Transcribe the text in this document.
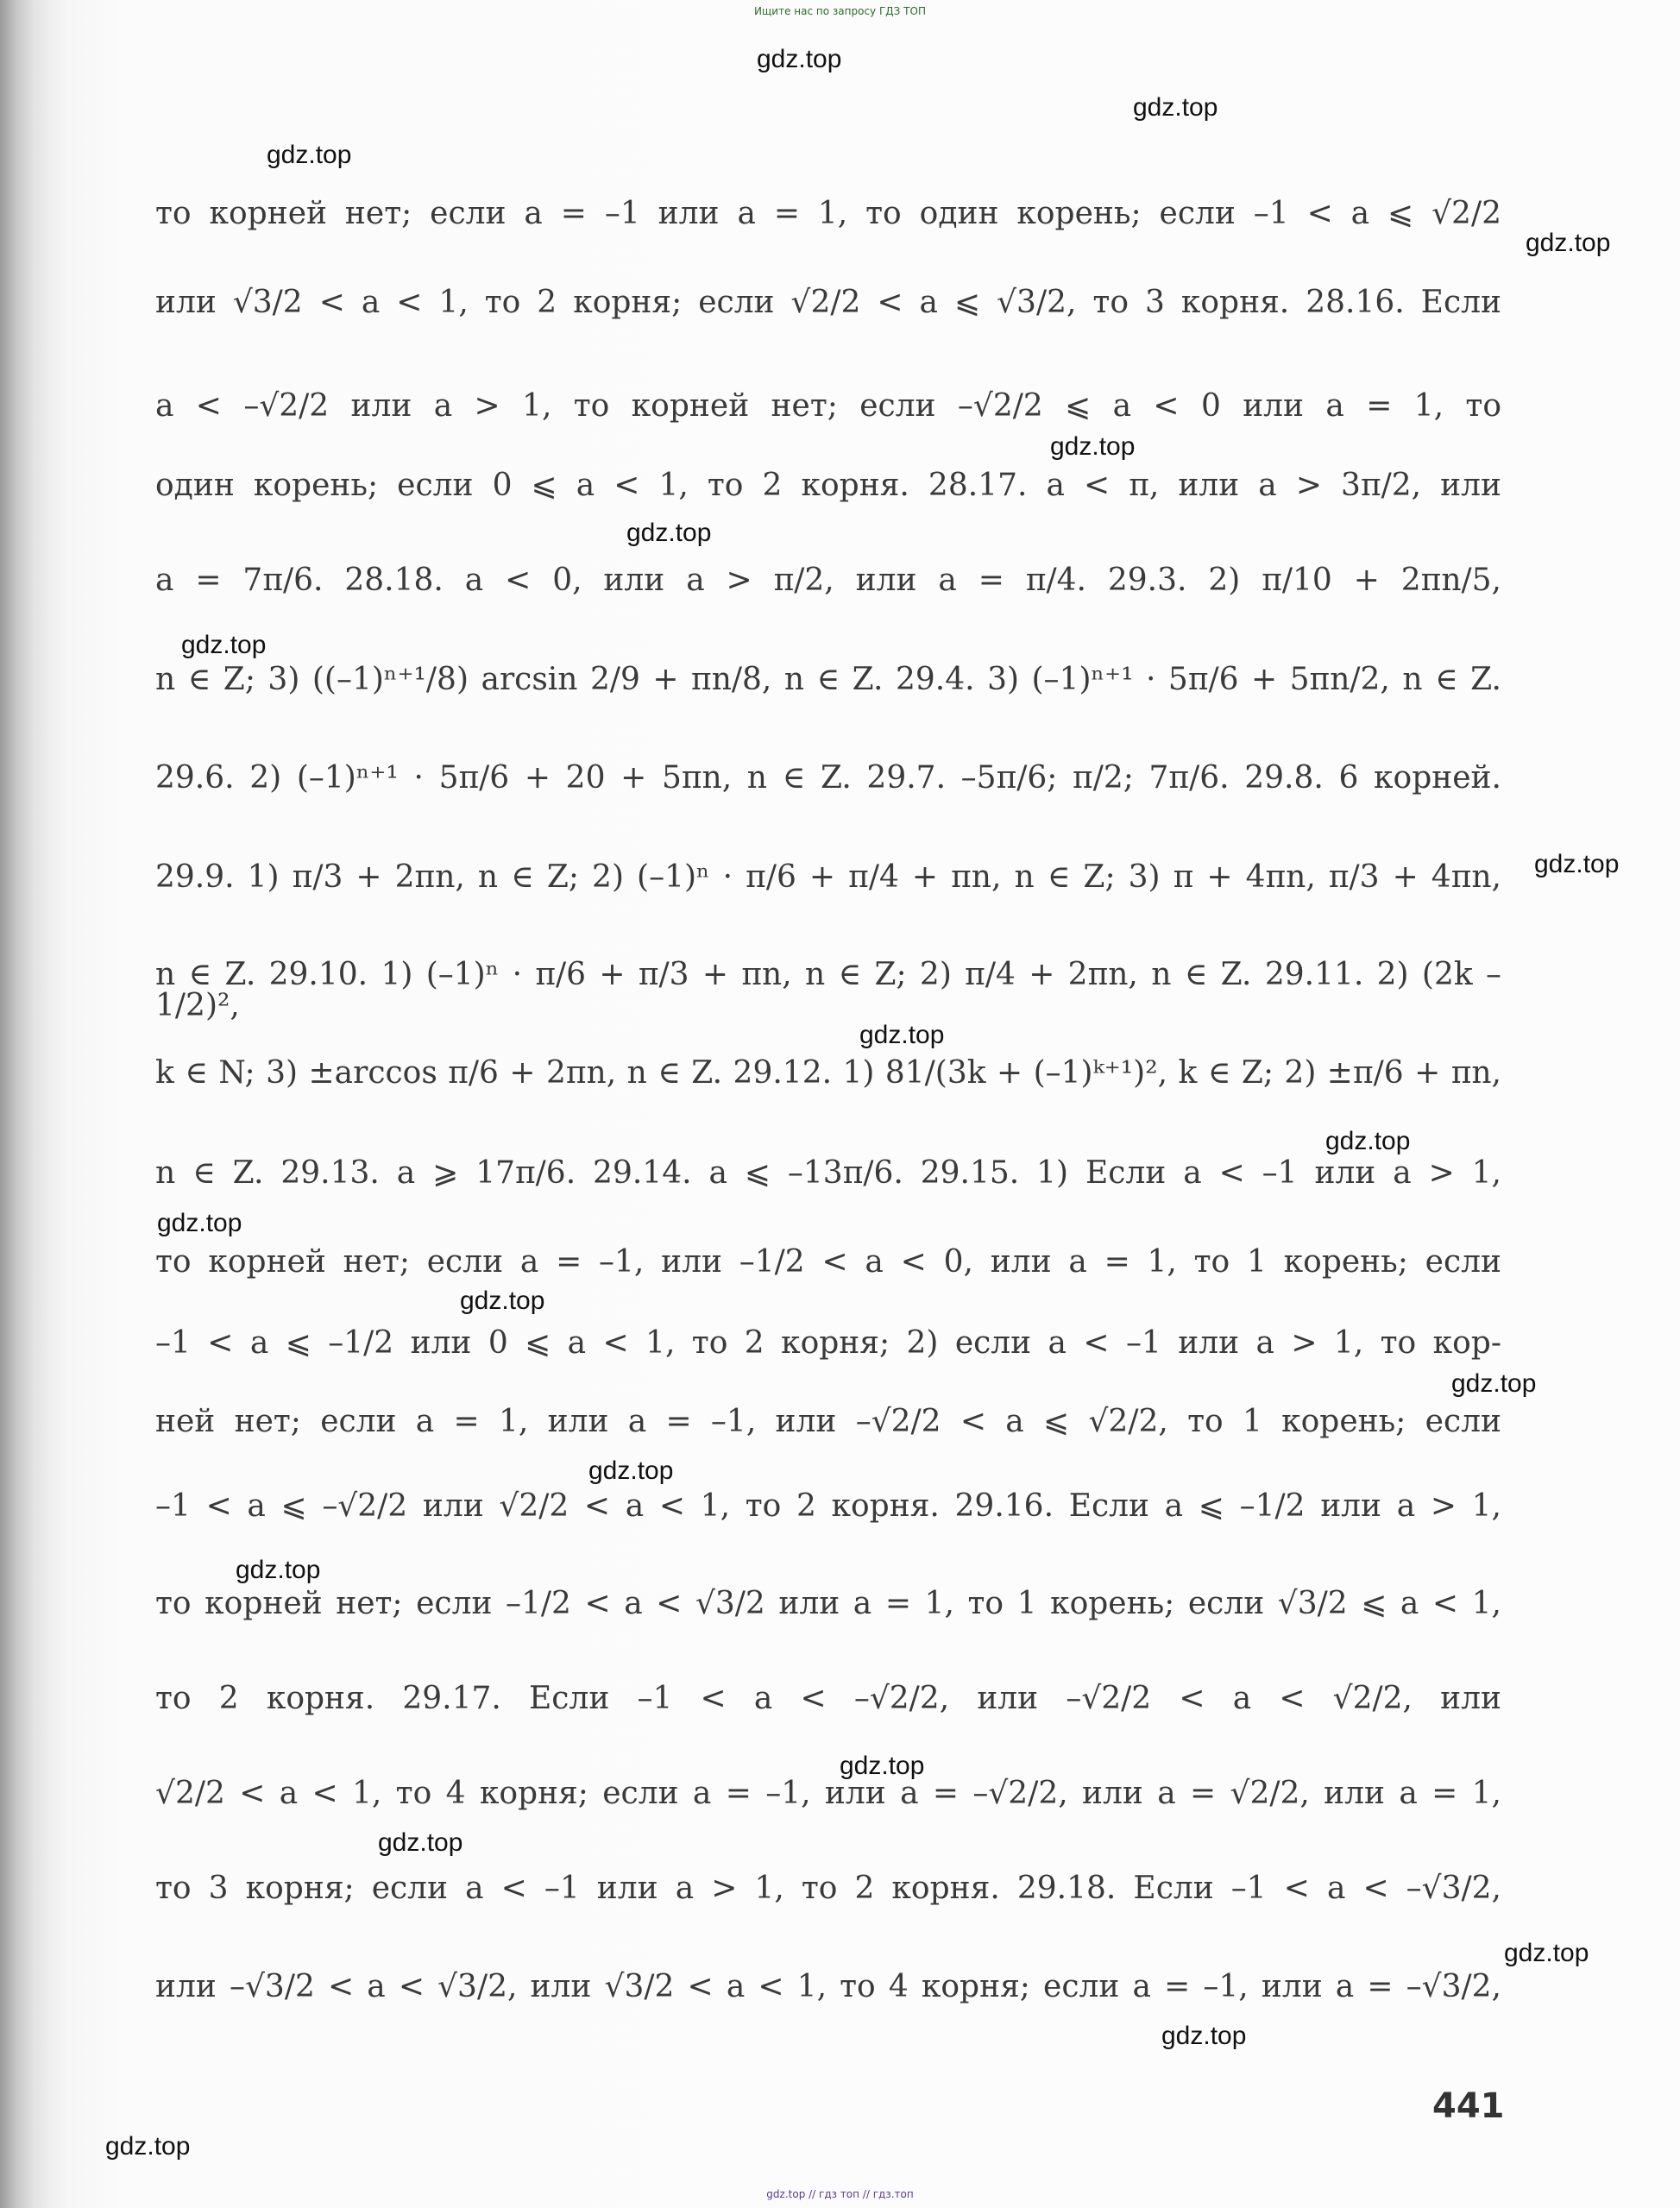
Ищите нас по запросу ГДЗ ТОП
gdz.top
gdz.top
gdz.top
gdz.top
gdz.top
gdz.top
gdz.top
gdz.top
gdz.top
gdz.top
gdz.top
gdz.top
gdz.top
gdz.top
gdz.top
gdz.top
gdz.top
gdz.top
gdz.top
gdz.top
то корней нет; если a = –1 или a = 1, то один корень; если –1 < a ⩽ √2/2
или √3/2 < a < 1, то 2 корня; если √2/2 < a ⩽ √3/2, то 3 корня. 28.16. Если
a < –√2/2 или a > 1, то корней нет; если –√2/2 ⩽ a < 0 или a = 1, то
один корень; если 0 ⩽ a < 1, то 2 корня. 28.17. a < π, или a > 3π/2, или
a = 7π/6. 28.18. a < 0, или a > π/2, или a = π/4. 29.3. 2) π/10 + 2πn/5,
n ∈ Z; 3) ((–1)ⁿ⁺¹/8) arcsin 2/9 + πn/8, n ∈ Z. 29.4. 3) (–1)ⁿ⁺¹ · 5π/6 + 5πn/2, n ∈ Z.
29.6. 2) (–1)ⁿ⁺¹ · 5π/6 + 20 + 5πn, n ∈ Z. 29.7. –5π/6; π/2; 7π/6. 29.8. 6 корней.
29.9. 1) π/3 + 2πn, n ∈ Z; 2) (–1)ⁿ · π/6 + π/4 + πn, n ∈ Z; 3) π + 4πn, π/3 + 4πn,
n ∈ Z. 29.10. 1) (–1)ⁿ · π/6 + π/3 + πn, n ∈ Z; 2) π/4 + 2πn, n ∈ Z. 29.11. 2) (2k – 1/2)²,
k ∈ N; 3) ±arccos π/6 + 2πn, n ∈ Z. 29.12. 1) 81/(3k + (–1)ᵏ⁺¹)², k ∈ Z; 2) ±π/6 + πn,
n ∈ Z. 29.13. a ⩾ 17π/6. 29.14. a ⩽ –13π/6. 29.15. 1) Если a < –1 или a > 1,
то корней нет; если a = –1, или –1/2 < a < 0, или a = 1, то 1 корень; если
–1 < a ⩽ –1/2 или 0 ⩽ a < 1, то 2 корня; 2) если a < –1 или a > 1, то кор-
ней нет; если a = 1, или a = –1, или –√2/2 < a ⩽ √2/2, то 1 корень; если
–1 < a ⩽ –√2/2 или √2/2 < a < 1, то 2 корня. 29.16. Если a ⩽ –1/2 или a > 1,
то корней нет; если –1/2 < a < √3/2 или a = 1, то 1 корень; если √3/2 ⩽ a < 1,
то 2 корня. 29.17. Если –1 < a < –√2/2, или –√2/2 < a < √2/2, или
√2/2 < a < 1, то 4 корня; если a = –1, или a = –√2/2, или a = √2/2, или a = 1,
то 3 корня; если a < –1 или a > 1, то 2 корня. 29.18. Если –1 < a < –√3/2,
или –√3/2 < a < √3/2, или √3/2 < a < 1, то 4 корня; если a = –1, или a = –√3/2,
441
gdz.top // гдз топ // гдз.топ
